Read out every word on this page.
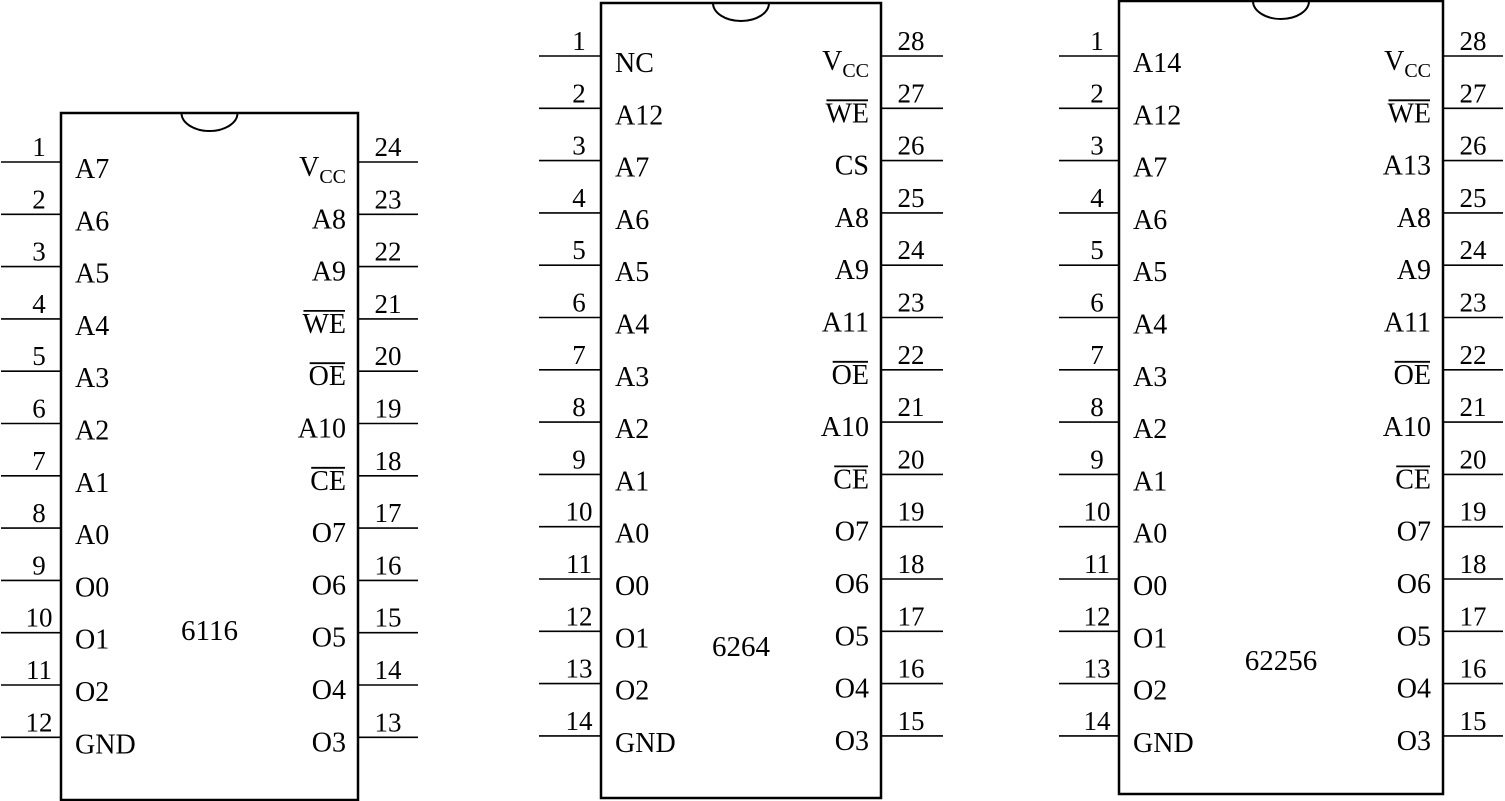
6116
1
A7
2
A6
3
A5
4
A4
5
A3
6
A2
7
A1
8
A0
9
O0
10
O1
11
O2
12
GND
24
$V_{CC}$
23
A8
22
A9
21
WE
20
OE
19
A10
18
CE
17
O7
16
O6
15
O5
14
O4
13
O3
6264
1
NC
2
A12
3
A7
4
A6
5
A5
6
A4
7
A3
8
A2
9
A1
10
A0
11
O0
12
O1
13
O2
14
GND
28
$V_{CC}$
27
WE
26
CS
25
A8
24
A9
23
A11
22
OE
21
A10
20
CE
19
O7
18
O6
17
O5
16
O4
15
O3
62256
1
A14
2
A12
3
A7
4
A6
5
A5
6
A4
7
A3
8
A2
9
A1
10
A0
11
O0
12
O1
13
O2
14
GND
28
$V_{CC}$
27
WE
26
A13
25
A8
24
A9
23
A11
22
OE
21
A10
20
CE
19
O7
18
O6
17
O5
16
O4
15
O3
